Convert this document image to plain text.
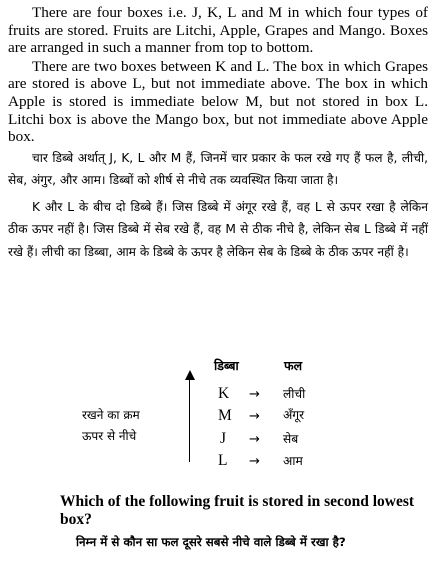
There are four boxes i.e. J, K, L and M in which four types of fruits are stored. Fruits are Litchi, Apple, Grapes and Mango. Boxes are arranged in such a manner from top to bottom.

There are two boxes between K and L. The box in which Grapes are stored is above L, but not immediate above. The box in which Apple is stored is immediate below M, but not stored in box L. Litchi box is above the Mango box, but not immediate above Apple box.

चार डिब्बे अर्थात् J, K, L और M हैं, जिनमें चार प्रकार के फल रखे गए हैं फल है, लीची, सेब, अंगुर, और आम। डिब्बों को शीर्ष से नीचे तक व्यवस्थित किया जाता है।

K और L के बीच दो डिब्बे हैं। जिस डिब्बे में अंगूर रखे हैं, वह L से ऊपर रखा है लेकिन ठीक ऊपर नहीं है। जिस डिब्बे में सेब रखे हैं, वह M से ठीक नीचे है, लेकिन सेब L डिब्बे में नहीं रखे हैं। लीची का डिब्बा, आम के डिब्बे के ऊपर है लेकिन सेब के डिब्बे के ठीक ऊपर नहीं है।

डिब्बा	फल
रखने का क्रम
ऊपर से नीचे
K → लीची
M → अँगूर
J → सेब
L → आम

Which of the following fruit is stored in second lowest box?

निम्न में से कौन सा फल दूसरे सबसे नीचे वाले डिब्बे में रखा है?
